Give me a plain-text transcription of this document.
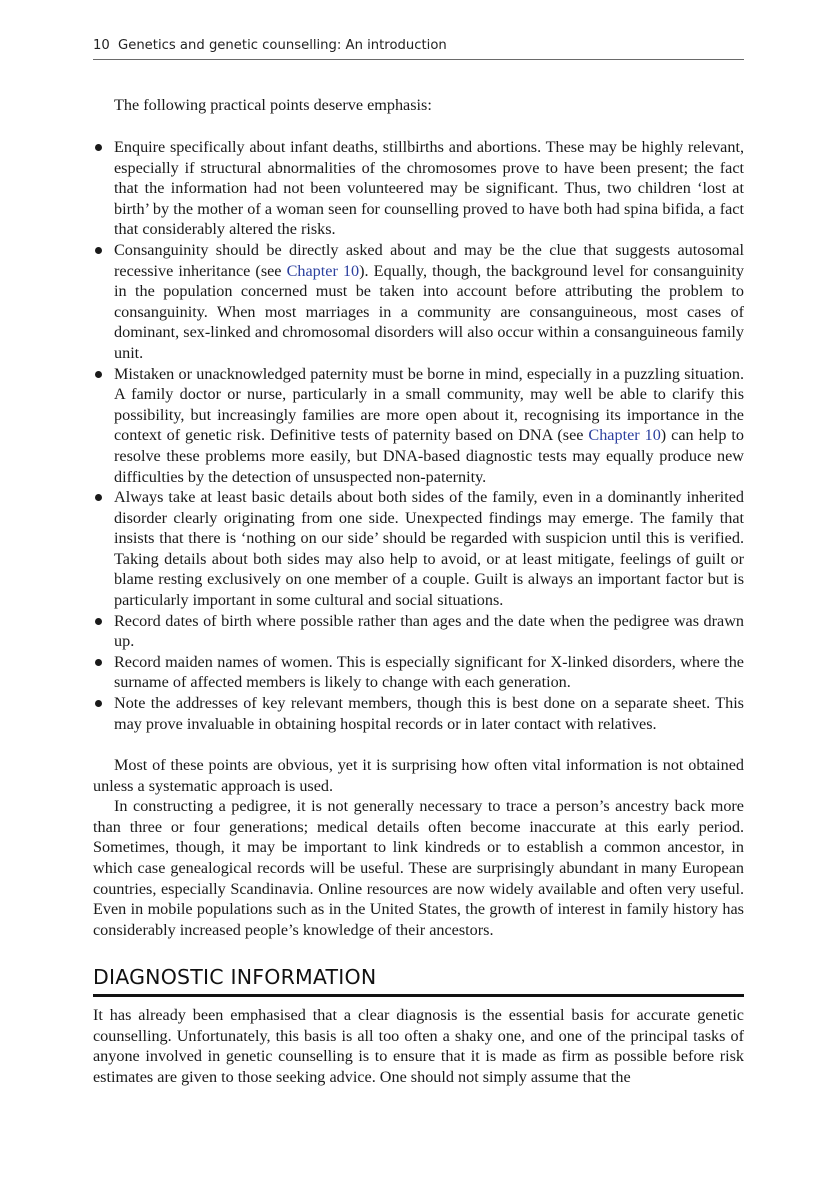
10 Genetics and genetic counselling: An introduction
The following practical points deserve emphasis:
Enquire specifically about infant deaths, stillbirths and abortions. These may be highly relevant, especially if structural abnormalities of the chromosomes prove to have been present; the fact that the information had not been volunteered may be significant. Thus, two children ‘lost at birth’ by the mother of a woman seen for counselling proved to have both had spina bifida, a fact that considerably altered the risks.
Consanguinity should be directly asked about and may be the clue that suggests autosomal recessive inheritance (see Chapter 10). Equally, though, the background level for consanguinity in the population concerned must be taken into account before attributing the problem to consanguinity. When most marriages in a community are consanguineous, most cases of dominant, sex-linked and chromosomal disorders will also occur within a consanguineous family unit.
Mistaken or unacknowledged paternity must be borne in mind, especially in a puzzling situation. A family doctor or nurse, particularly in a small community, may well be able to clarify this possibility, but increasingly families are more open about it, recognising its importance in the context of genetic risk. Definitive tests of paternity based on DNA (see Chapter 10) can help to resolve these problems more easily, but DNA-based diagnostic tests may equally produce new difficulties by the detection of unsuspected non-paternity.
Always take at least basic details about both sides of the family, even in a dominantly inherited disorder clearly originating from one side. Unexpected findings may emerge. The family that insists that there is ‘nothing on our side’ should be regarded with suspicion until this is verified. Taking details about both sides may also help to avoid, or at least mitigate, feelings of guilt or blame resting exclusively on one member of a couple. Guilt is always an important factor but is particularly important in some cultural and social situations.
Record dates of birth where possible rather than ages and the date when the pedigree was drawn up.
Record maiden names of women. This is especially significant for X-linked disorders, where the surname of affected members is likely to change with each generation.
Note the addresses of key relevant members, though this is best done on a separate sheet. This may prove invaluable in obtaining hospital records or in later contact with relatives.

Most of these points are obvious, yet it is surprising how often vital information is not obtained unless a systematic approach is used.

In constructing a pedigree, it is not generally necessary to trace a person’s ancestry back more than three or four generations; medical details often become inaccurate at this early period. Sometimes, though, it may be important to link kindreds or to establish a common ancestor, in which case genealogical records will be useful. These are surprisingly abundant in many European countries, especially Scandinavia. Online resources are now widely available and often very useful. Even in mobile populations such as in the United States, the growth of interest in family history has considerably increased people’s knowledge of their ancestors.

DIAGNOSTIC INFORMATION

It has already been emphasised that a clear diagnosis is the essential basis for accurate genetic counselling. Unfortunately, this basis is all too often a shaky one, and one of the principal tasks of anyone involved in genetic counselling is to ensure that it is made as firm as possible before risk estimates are given to those seeking advice. One should not simply assume that the
